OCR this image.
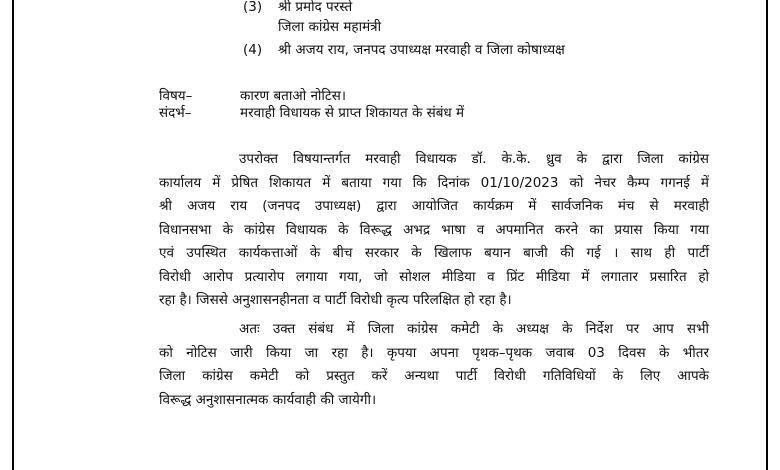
(3) श्री प्रमोद परस्ते
जिला कांग्रेस महामंत्री
(4) श्री अजय राय, जनपद उपाध्यक्ष मरवाही व जिला कोषाध्यक्ष
विषय–	कारण बताओ नोटिस।
संदर्भ–	मरवाही विधायक से प्राप्त शिकायत के संबंध में
उपरोक्त विषयान्तर्गत मरवाही विधायक डॉ. के.के. ध्रुव के द्वारा जिला कांग्रेस
कार्यालय में प्रेषित शिकायत में बताया गया कि दिनांक 01/10/2023 को नेचर कैम्प गगनई में
श्री अजय राय (जनपद उपाध्यक्ष) द्वारा आयोजित कार्यक्रम में सार्वजनिक मंच से मरवाही
विधानसभा के कांग्रेस विधायक के विरूद्ध अभद्र भाषा व अपमानित करने का प्रयास किया गया
एवं उपस्थित कार्यकत्ताओं के बीच सरकार के खिलाफ बयान बाजी की गई । साथ ही पार्टी
विरोधी आरोप प्रत्यारोप लगाया गया, जो सोशल मीडिया व प्रिंट मीडिया में लगातार प्रसारित हो
रहा है। जिससे अनुशासनहीनता व पार्टी विरोधी कृत्य परिलक्षित हो रहा है।
अतः उक्त संबंध में जिला कांग्रेस कमेटी के अध्यक्ष के निर्देश पर आप सभी
को नोटिस जारी किया जा रहा है। कृपया अपना पृथक–पृथक जवाब 03 दिवस के भीतर
जिला कांग्रेस कमेटी को प्रस्तुत करें अन्यथा पार्टी विरोधी गतिविधियों के लिए आपके
विरूद्ध अनुशासनात्मक कार्यवाही की जायेगी।
